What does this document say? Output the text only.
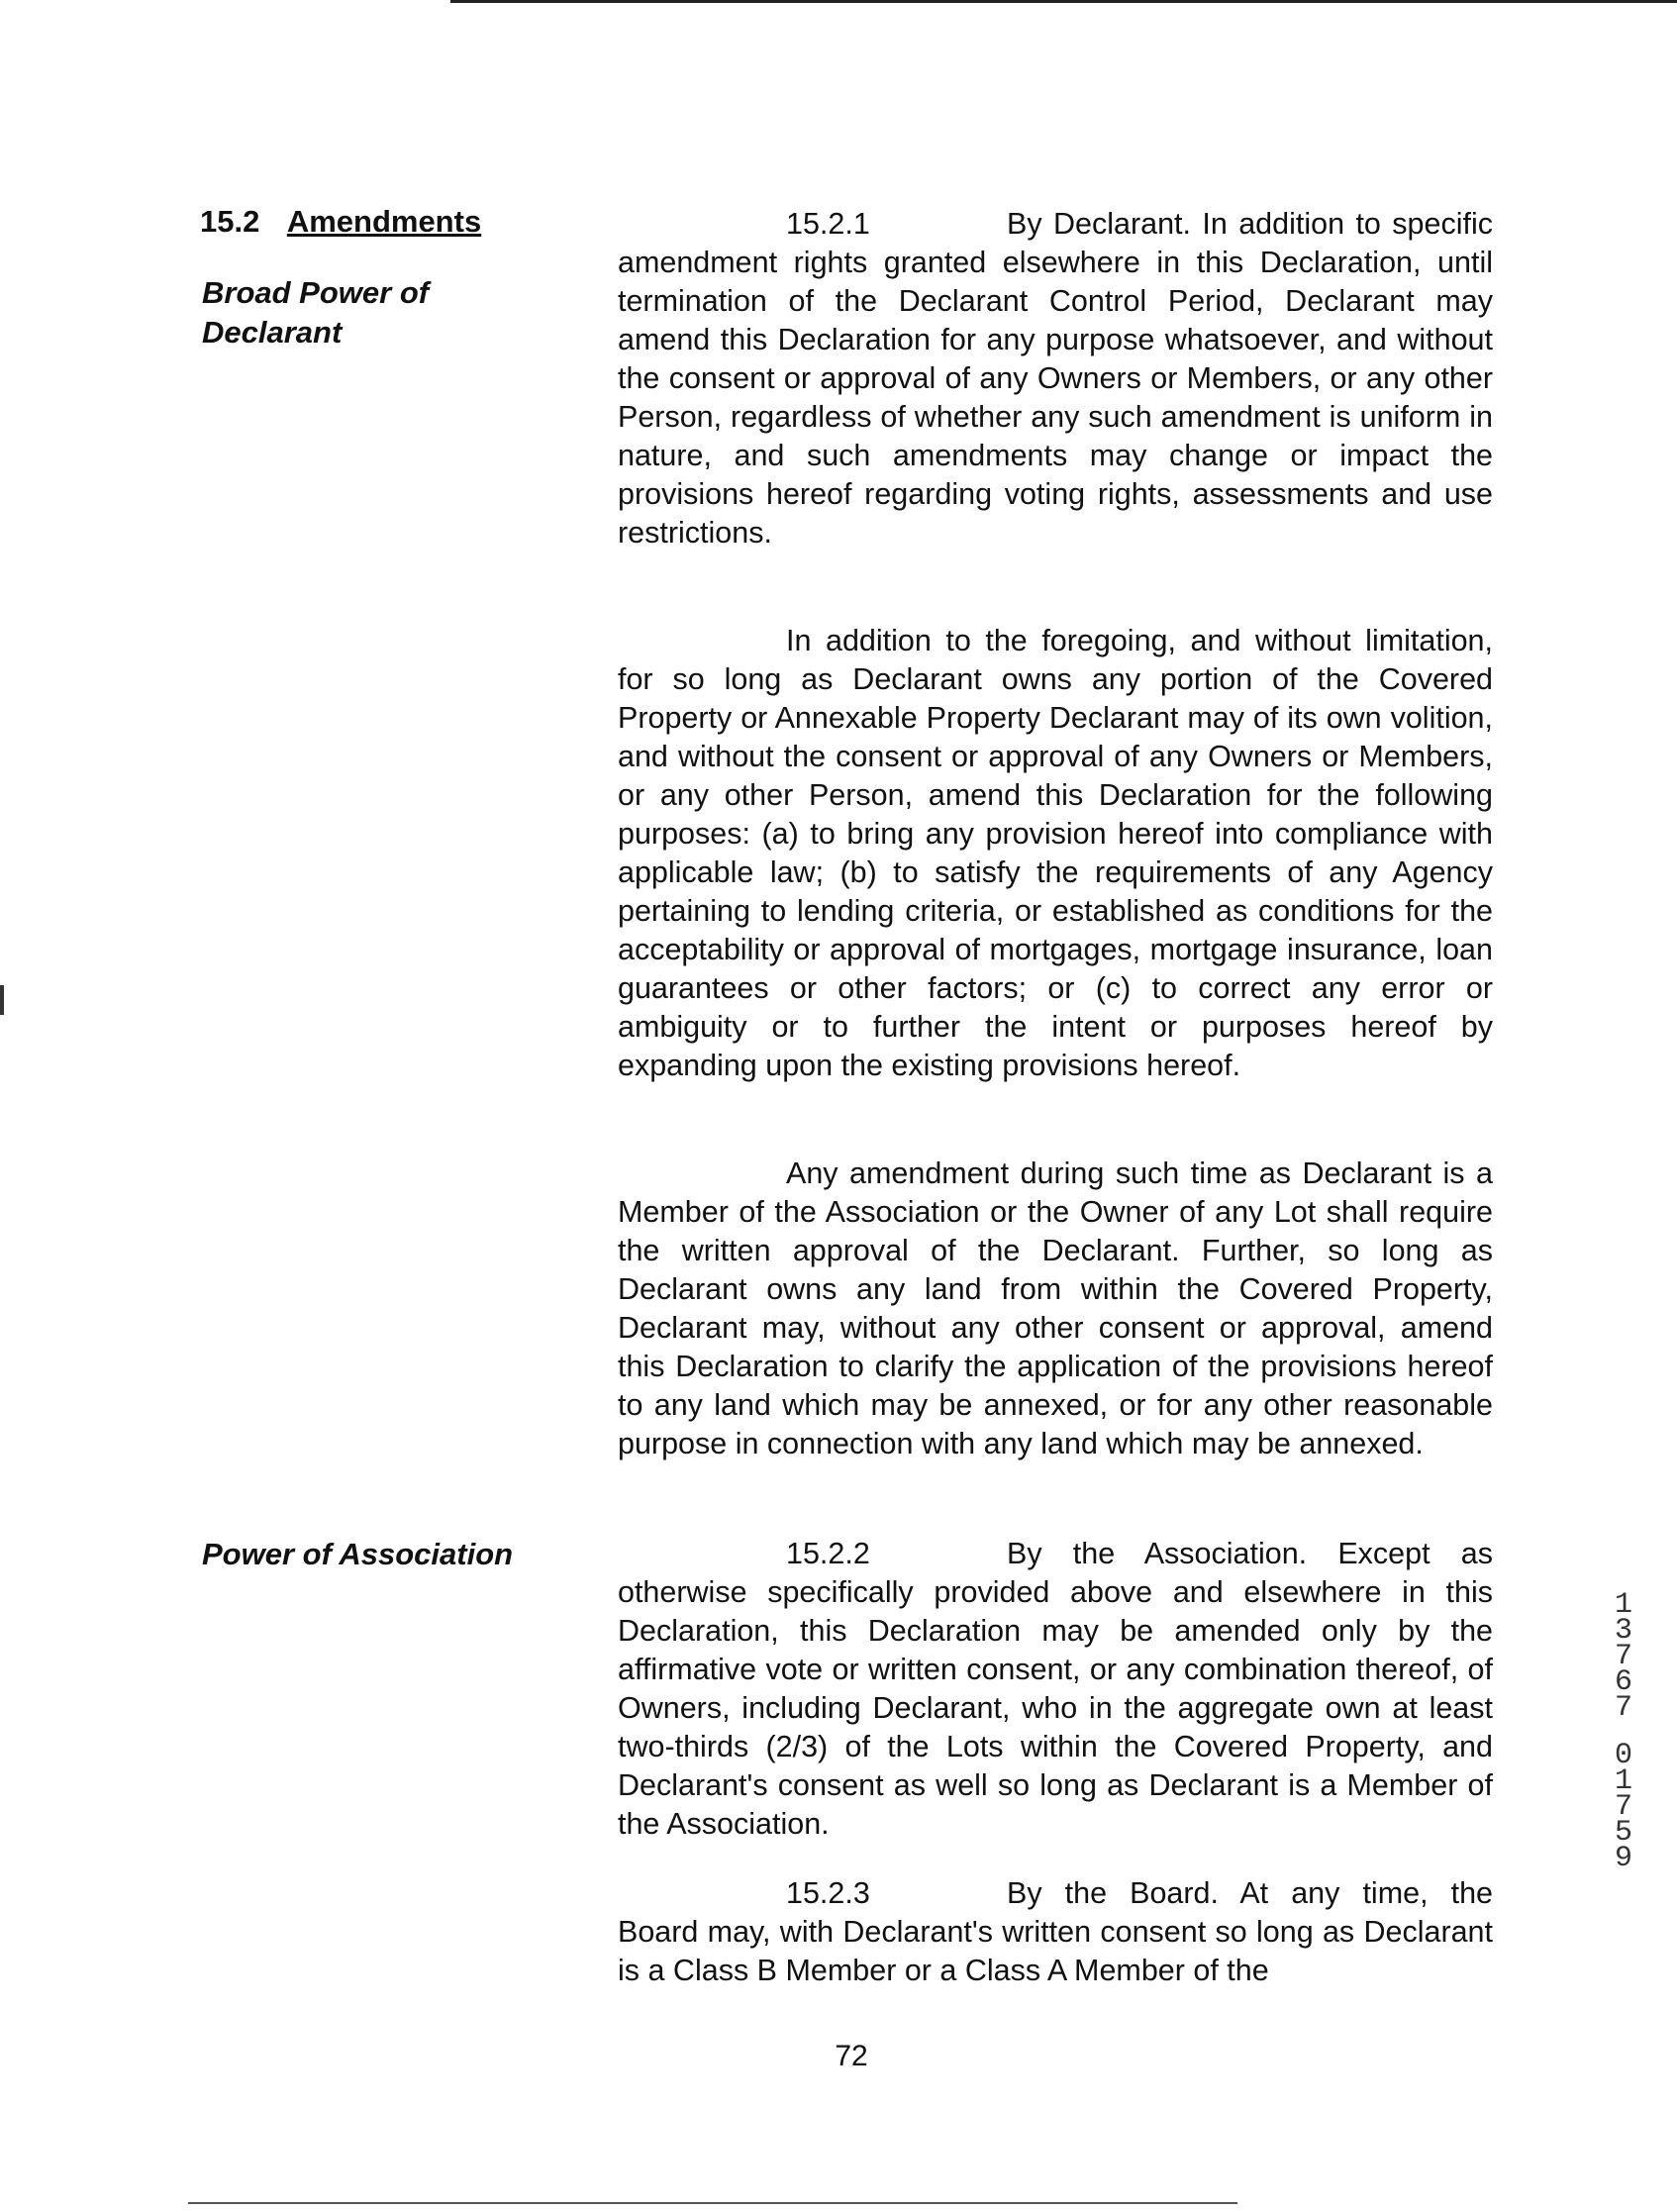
15.2 Amendments
Broad Power of Declarant

15.2.1	By Declarant. In addition to specific amendment rights granted elsewhere in this Declaration, until termination of the Declarant Control Period, Declarant may amend this Declaration for any purpose whatsoever, and without the consent or approval of any Owners or Members, or any other Person, regardless of whether any such amendment is uniform in nature, and such amendments may change or impact the provisions hereof regarding voting rights, assessments and use restrictions.

In addition to the foregoing, and without limitation, for so long as Declarant owns any portion of the Covered Property or Annexable Property Declarant may of its own volition, and without the consent or approval of any Owners or Members, or any other Person, amend this Declaration for the following purposes: (a) to bring any provision hereof into compliance with applicable law; (b) to satisfy the requirements of any Agency pertaining to lending criteria, or established as conditions for the acceptability or approval of mortgages, mortgage insurance, loan guarantees or other factors; or (c) to correct any error or ambiguity or to further the intent or purposes hereof by expanding upon the existing provisions hereof.

Any amendment during such time as Declarant is a Member of the Association or the Owner of any Lot shall require the written approval of the Declarant. Further, so long as Declarant owns any land from within the Covered Property, Declarant may, without any other consent or approval, amend this Declaration to clarify the application of the provisions hereof to any land which may be annexed, or for any other reasonable purpose in connection with any land which may be annexed.

Power of Association	15.2.2	By the Association. Except as otherwise specifically provided above and elsewhere in this Declaration, this Declaration may be amended only by the affirmative vote or written consent, or any combination thereof, of Owners, including Declarant, who in the aggregate own at least two-thirds (2/3) of the Lots within the Covered Property, and Declarant's consent as well so long as Declarant is a Member of the Association.

15.2.3	By the Board. At any time, the Board may, with Declarant's written consent so long as Declarant is a Class B Member or a Class A Member of the

72
1
3
7
6
7
0
1
7
5
9
